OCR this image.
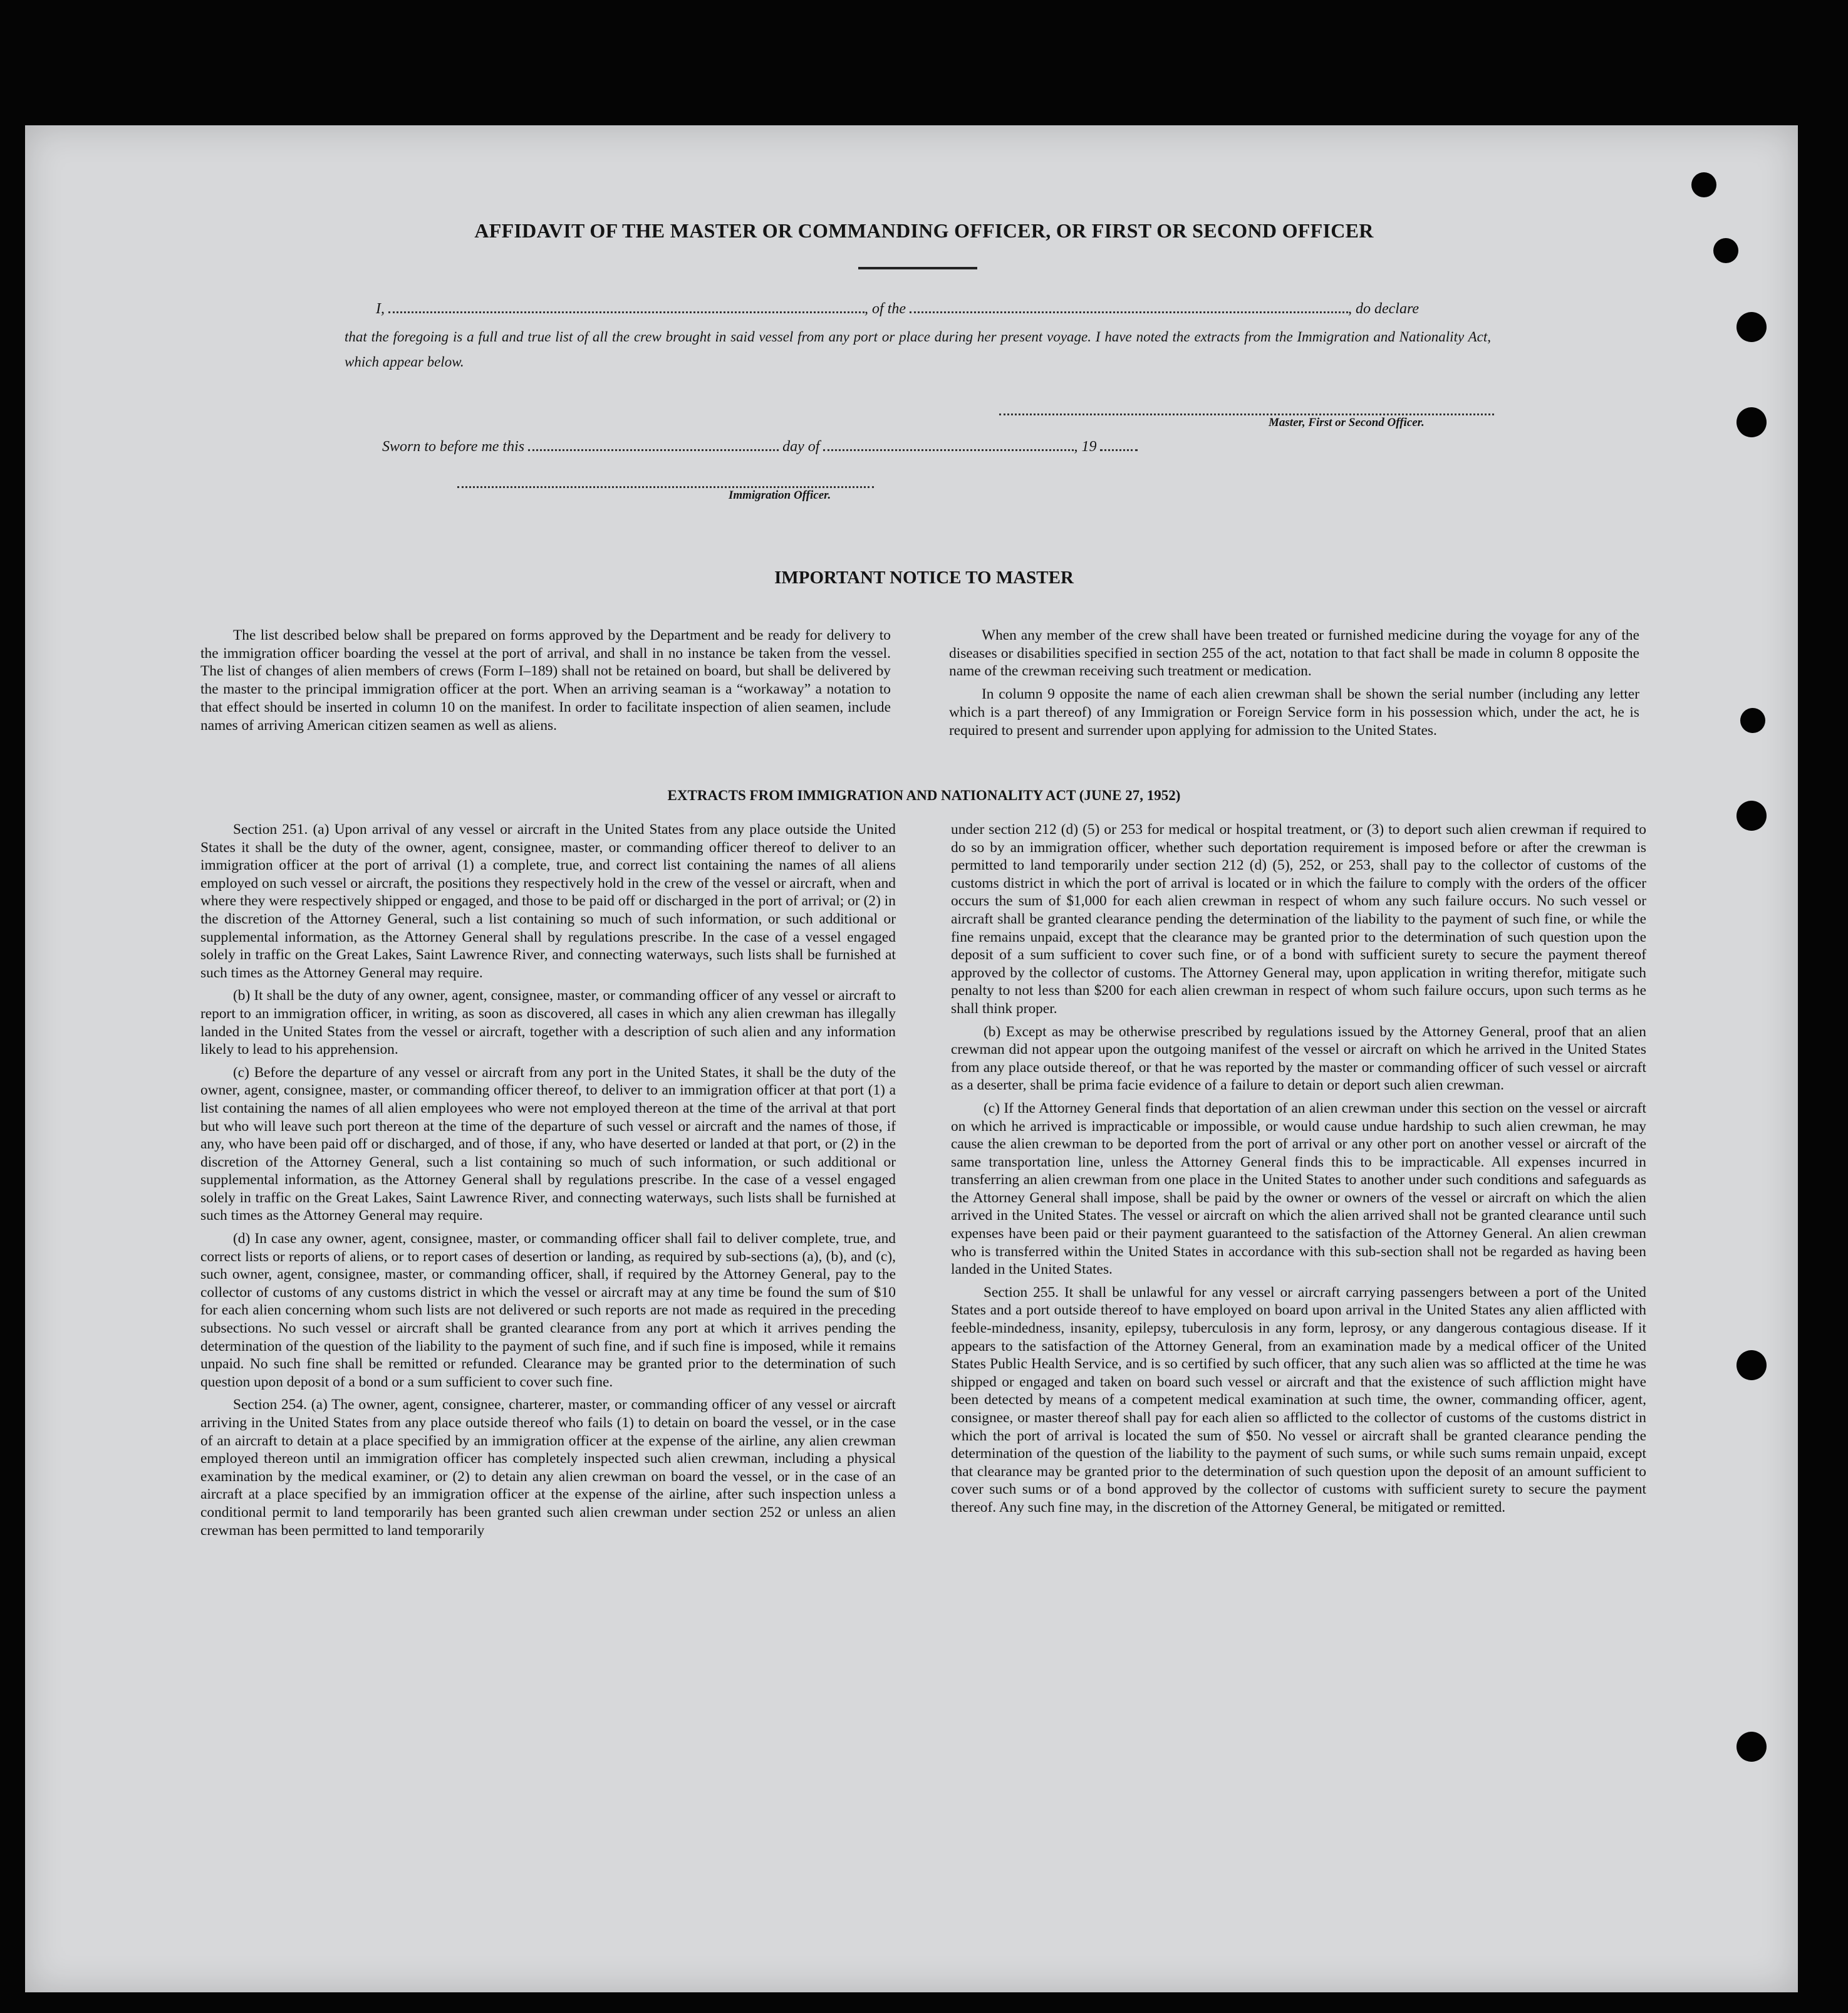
AFFIDAVIT OF THE MASTER OR COMMANDING OFFICER, OR FIRST OR SECOND OFFICER
I,	, of the	, do declare
that the foregoing is a full and true list of all the crew brought in said vessel from any port or place during her present voyage. I have noted the extracts from the Immigration and Nationality Act, which appear below.
Master, First or Second Officer.
Sworn to before me this	day of	, 19
Immigration Officer.
IMPORTANT NOTICE TO MASTER

The list described below shall be prepared on forms approved by the Department and be ready for delivery to the immigration officer boarding the vessel at the port of arrival, and shall in no instance be taken from the vessel. The list of changes of alien members of crews (Form I–189) shall not be retained on board, but shall be delivered by the master to the principal immigration officer at the port. When an arriving seaman is a “workaway” a notation to that effect should be inserted in column 10 on the manifest. In order to facilitate inspection of alien seamen, include names of arriving American citizen seamen as well as aliens.

When any member of the crew shall have been treated or furnished medicine during the voyage for any of the diseases or disabilities specified in section 255 of the act, notation to that fact shall be made in column 8 opposite the name of the crewman receiving such treatment or medication.

In column 9 opposite the name of each alien crewman shall be shown the serial number (including any letter which is a part thereof) of any Immigration or Foreign Service form in his possession which, under the act, he is required to present and surrender upon applying for admission to the United States.

EXTRACTS FROM IMMIGRATION AND NATIONALITY ACT (JUNE 27, 1952)

Section 251. (a) Upon arrival of any vessel or aircraft in the United States from any place outside the United States it shall be the duty of the owner, agent, consignee, master, or commanding officer thereof to deliver to an immigration officer at the port of arrival (1) a complete, true, and correct list containing the names of all aliens employed on such vessel or aircraft, the positions they respectively hold in the crew of the vessel or aircraft, when and where they were respectively shipped or engaged, and those to be paid off or discharged in the port of arrival; or (2) in the discretion of the Attorney General, such a list containing so much of such information, or such additional or supplemental information, as the Attorney General shall by regulations prescribe. In the case of a vessel engaged solely in traffic on the Great Lakes, Saint Lawrence River, and connecting waterways, such lists shall be furnished at such times as the Attorney General may require.

(b) It shall be the duty of any owner, agent, consignee, master, or commanding officer of any vessel or aircraft to report to an immigration officer, in writing, as soon as discovered, all cases in which any alien crewman has illegally landed in the United States from the vessel or aircraft, together with a description of such alien and any information likely to lead to his apprehension.

(c) Before the departure of any vessel or aircraft from any port in the United States, it shall be the duty of the owner, agent, consignee, master, or commanding officer thereof, to deliver to an immigration officer at that port (1) a list containing the names of all alien employees who were not employed thereon at the time of the arrival at that port but who will leave such port thereon at the time of the departure of such vessel or aircraft and the names of those, if any, who have been paid off or discharged, and of those, if any, who have deserted or landed at that port, or (2) in the discretion of the Attorney General, such a list containing so much of such information, or such additional or supplemental information, as the Attorney General shall by regulations prescribe. In the case of a vessel engaged solely in traffic on the Great Lakes, Saint Lawrence River, and connecting waterways, such lists shall be furnished at such times as the Attorney General may require.

(d) In case any owner, agent, consignee, master, or commanding officer shall fail to deliver complete, true, and correct lists or reports of aliens, or to report cases of desertion or landing, as required by sub-sections (a), (b), and (c), such owner, agent, consignee, master, or commanding officer, shall, if required by the Attorney General, pay to the collector of customs of any customs district in which the vessel or aircraft may at any time be found the sum of $10 for each alien concerning whom such lists are not delivered or such reports are not made as required in the preceding subsections. No such vessel or aircraft shall be granted clearance from any port at which it arrives pending the determination of the question of the liability to the payment of such fine, and if such fine is imposed, while it remains unpaid. No such fine shall be remitted or refunded. Clearance may be granted prior to the determination of such question upon deposit of a bond or a sum sufficient to cover such fine.

Section 254. (a) The owner, agent, consignee, charterer, master, or commanding officer of any vessel or aircraft arriving in the United States from any place outside thereof who fails (1) to detain on board the vessel, or in the case of an aircraft to detain at a place specified by an immigration officer at the expense of the airline, any alien crewman employed thereon until an immigration officer has completely inspected such alien crewman, including a physical examination by the medical examiner, or (2) to detain any alien crewman on board the vessel, or in the case of an aircraft at a place specified by an immigration officer at the expense of the airline, after such inspection unless a conditional permit to land temporarily has been granted such alien crewman under section 252 or unless an alien crewman has been permitted to land temporarily

under section 212 (d) (5) or 253 for medical or hospital treatment, or (3) to deport such alien crewman if required to do so by an immigration officer, whether such deportation requirement is imposed before or after the crewman is permitted to land temporarily under section 212 (d) (5), 252, or 253, shall pay to the collector of customs of the customs district in which the port of arrival is located or in which the failure to comply with the orders of the officer occurs the sum of $1,000 for each alien crewman in respect of whom any such failure occurs. No such vessel or aircraft shall be granted clearance pending the determination of the liability to the payment of such fine, or while the fine remains unpaid, except that the clearance may be granted prior to the determination of such question upon the deposit of a sum sufficient to cover such fine, or of a bond with sufficient surety to secure the payment thereof approved by the collector of customs. The Attorney General may, upon application in writing therefor, mitigate such penalty to not less than $200 for each alien crewman in respect of whom such failure occurs, upon such terms as he shall think proper.

(b) Except as may be otherwise prescribed by regulations issued by the Attorney General, proof that an alien crewman did not appear upon the outgoing manifest of the vessel or aircraft on which he arrived in the United States from any place outside thereof, or that he was reported by the master or commanding officer of such vessel or aircraft as a deserter, shall be prima facie evidence of a failure to detain or deport such alien crewman.

(c) If the Attorney General finds that deportation of an alien crewman under this section on the vessel or aircraft on which he arrived is impracticable or impossible, or would cause undue hardship to such alien crewman, he may cause the alien crewman to be deported from the port of arrival or any other port on another vessel or aircraft of the same transportation line, unless the Attorney General finds this to be impracticable. All expenses incurred in transferring an alien crewman from one place in the United States to another under such conditions and safeguards as the Attorney General shall impose, shall be paid by the owner or owners of the vessel or aircraft on which the alien arrived in the United States. The vessel or aircraft on which the alien arrived shall not be granted clearance until such expenses have been paid or their payment guaranteed to the satisfaction of the Attorney General. An alien crewman who is transferred within the United States in accordance with this sub-section shall not be regarded as having been landed in the United States.

Section 255. It shall be unlawful for any vessel or aircraft carrying passengers between a port of the United States and a port outside thereof to have employed on board upon arrival in the United States any alien afflicted with feeble-mindedness, insanity, epilepsy, tuberculosis in any form, leprosy, or any dangerous contagious disease. If it appears to the satisfaction of the Attorney General, from an examination made by a medical officer of the United States Public Health Service, and is so certified by such officer, that any such alien was so afflicted at the time he was shipped or engaged and taken on board such vessel or aircraft and that the existence of such affliction might have been detected by means of a competent medical examination at such time, the owner, commanding officer, agent, consignee, or master thereof shall pay for each alien so afflicted to the collector of customs of the customs district in which the port of arrival is located the sum of $50. No vessel or aircraft shall be granted clearance pending the determination of the question of the liability to the payment of such sums, or while such sums remain unpaid, except that clearance may be granted prior to the determination of such question upon the deposit of an amount sufficient to cover such sums or of a bond approved by the collector of customs with sufficient surety to secure the payment thereof. Any such fine may, in the discretion of the Attorney General, be mitigated or remitted.
